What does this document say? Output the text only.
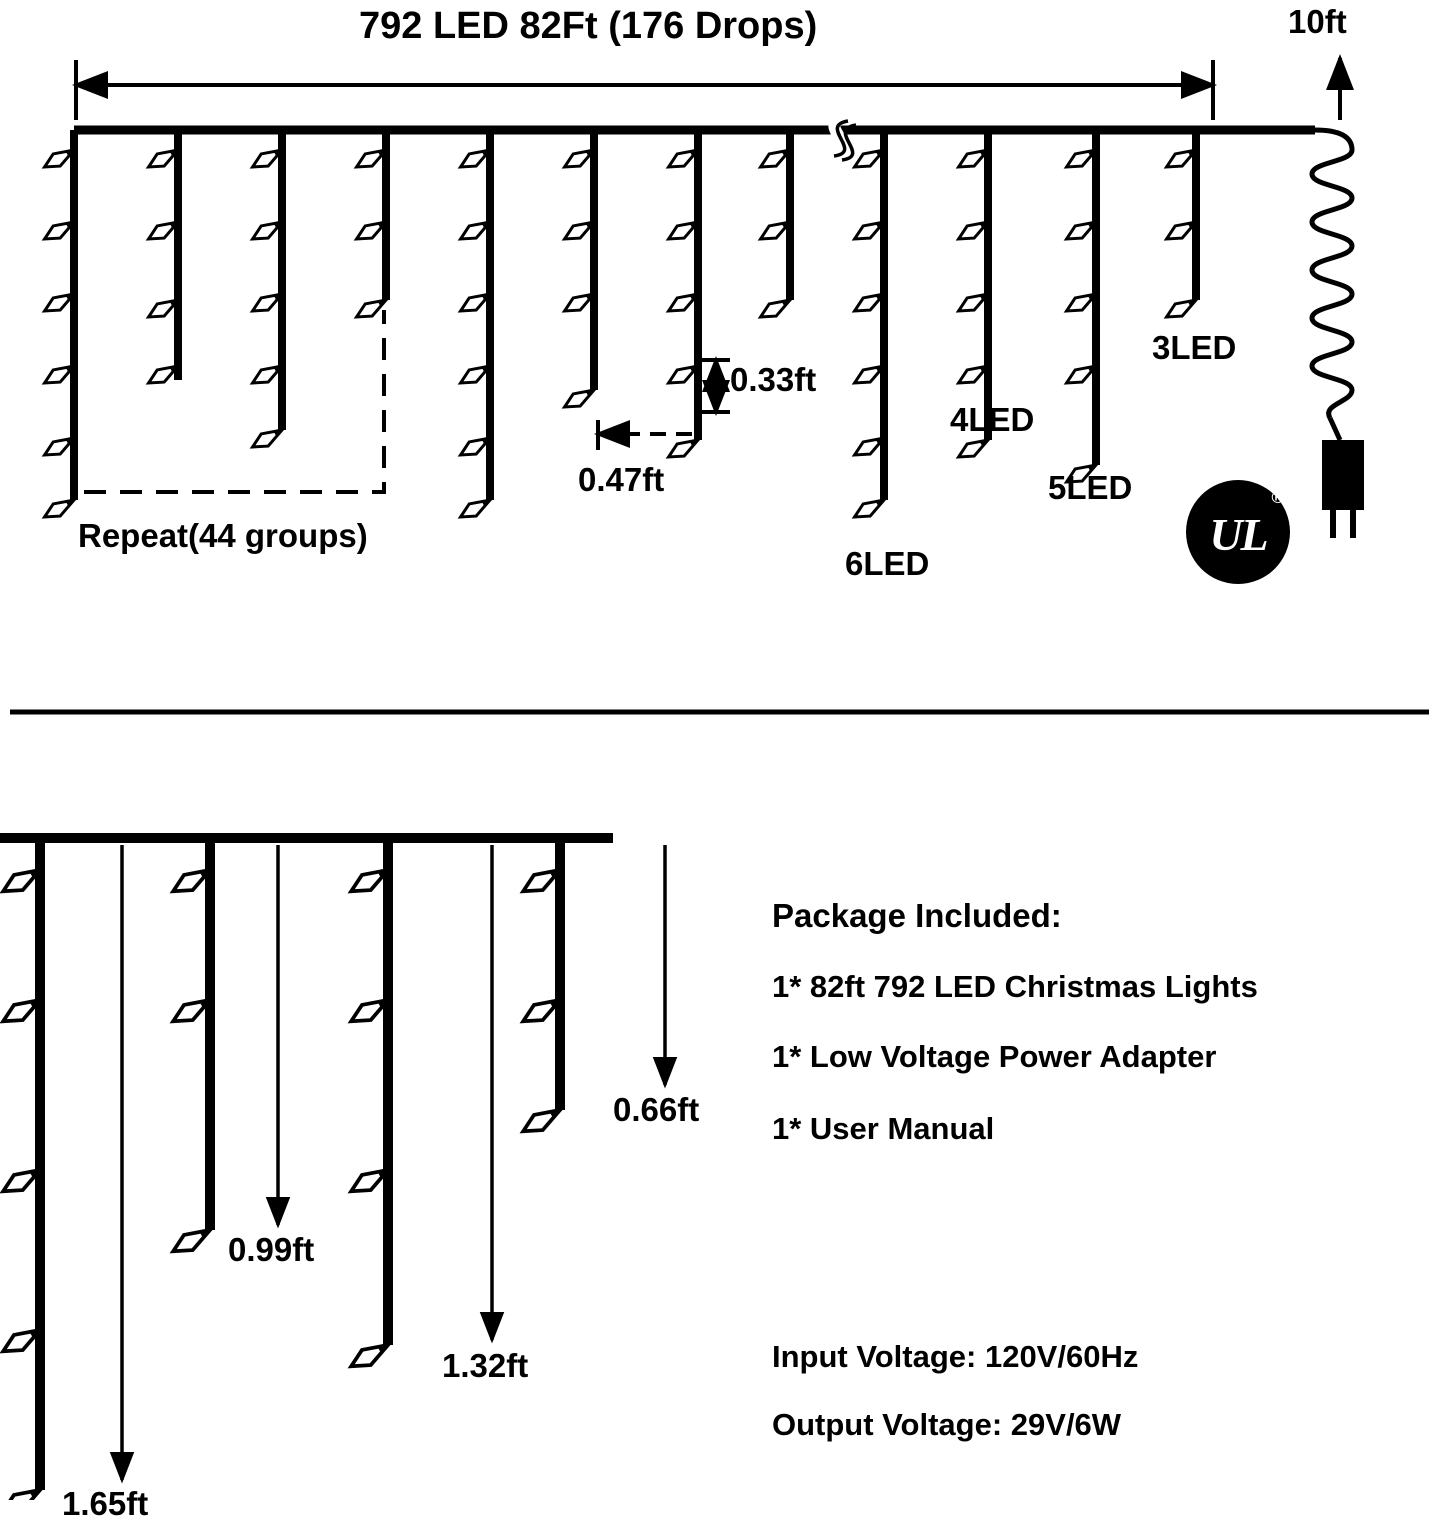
792 LED 82Ft (176 Drops)	10ft
Repeat(44 groups)
0.33ft
0.47ft
3LED
4LED
5LED
6LED
UL
®
0.66ft
0.99ft
1.32ft
1.65ft
Package Included:
1* 82ft 792 LED Christmas Lights
1* Low Voltage Power Adapter
1* User Manual
Input Voltage: 120V/60Hz
Output Voltage: 29V/6W
